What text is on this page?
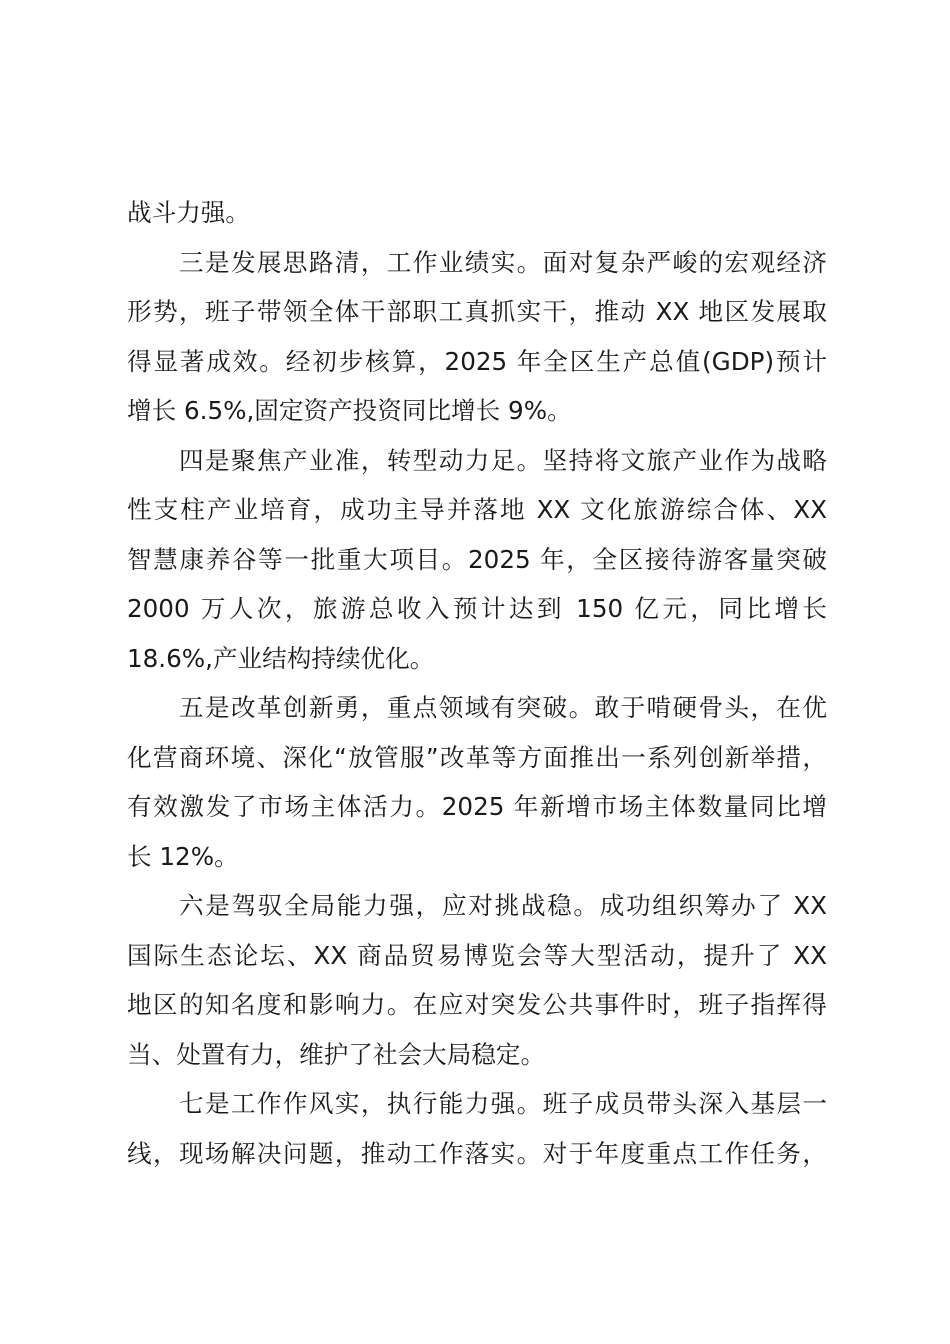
战斗力强。
三是发展思路清，工作业绩实。面对复杂严峻的宏观经济
形势，班子带领全体干部职工真抓实干，推动 XX 地区发展取
得显著成效。经初步核算，2025 年全区生产总值(GDP)预计
增长 6.5%,固定资产投资同比增长 9%。
四是聚焦产业准，转型动力足。坚持将文旅产业作为战略
性支柱产业培育，成功主导并落地 XX 文化旅游综合体、XX
智慧康养谷等一批重大项目。2025 年，全区接待游客量突破
2000 万人次，旅游总收入预计达到 150 亿元，同比增长
18.6%,产业结构持续优化。
五是改革创新勇，重点领域有突破。敢于啃硬骨头，在优
化营商环境、深化“放管服”改革等方面推出一系列创新举措，
有效激发了市场主体活力。2025 年新增市场主体数量同比增
长 12%。
六是驾驭全局能力强，应对挑战稳。成功组织筹办了 XX
国际生态论坛、XX 商品贸易博览会等大型活动，提升了 XX
地区的知名度和影响力。在应对突发公共事件时，班子指挥得
当、处置有力，维护了社会大局稳定。
七是工作作风实，执行能力强。班子成员带头深入基层一
线，现场解决问题，推动工作落实。对于年度重点工作任务，
